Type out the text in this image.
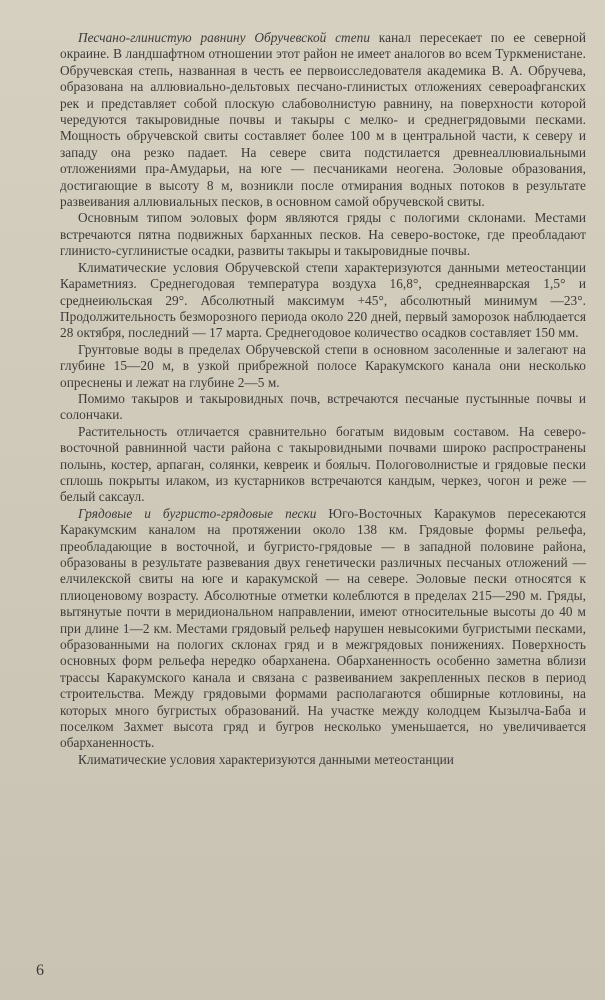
Песчано-глинистую равнину Обручевской степи канал пересекает по ее северной окраине. В ландшафтном отношении этот район не имеет аналогов во всем Туркменистане. Обручевская степь, названная в честь ее первоисследователя академика В. А. Обручева, образована на аллювиально-дельтовых песчано-глинистых отложениях североафганских рек и представляет собой плоскую слабоволнистую равнину, на поверхности которой чередуются такыровидные почвы и такыры с мелко- и среднегрядовыми песками. Мощность обручевской свиты составляет более 100 м в центральной части, к северу и западу она резко падает. На севере свита подстилается древнеаллювиальными отложениями пра-Амударьи, на юге — песчаниками неогена. Эоловые образования, достигающие в высоту 8 м, возникли после отмирания водных потоков в результате развеивания аллювиальных песков, в основном самой обручевской свиты.

Основным типом эоловых форм являются гряды с пологими склонами. Местами встречаются пятна подвижных барханных песков. На северо-востоке, где преобладают глинисто-суглинистые осадки, развиты такыры и такыровидные почвы.

Климатические условия Обручевской степи характеризуются данными метеостанции Караметнияз. Среднегодовая температура воздуха 16,8°, среднеянварская 1,5° и среднеиюльская 29°. Абсолютный максимум +45°, абсолютный минимум —23°. Продолжительность безморозного периода около 220 дней, первый заморозок наблюдается 28 октября, последний — 17 марта. Среднегодовое количество осадков составляет 150 мм.

Грунтовые воды в пределах Обручевской степи в основном засоленные и залегают на глубине 15—20 м, в узкой прибрежной полосе Каракумского канала они несколько опреснены и лежат на глубине 2—5 м.

Помимо такыров и такыровидных почв, встречаются песчаные пустынные почвы и солончаки.

Растительность отличается сравнительно богатым видовым составом. На северо-восточной равнинной части района с такыровидными почвами широко распространены полынь, костер, арпаган, солянки, кевреик и боялыч. Пологоволнистые и грядовые пески сплошь покрыты илаком, из кустарников встречаются кандым, черкез, чогон и реже — белый саксаул.

Грядовые и бугристо-грядовые пески Юго-Восточных Каракумов пересекаются Каракумским каналом на протяжении около 138 км. Грядовые формы рельефа, преобладающие в восточной, и бугристо-грядовые — в западной половине района, образованы в результате развевания двух генетически различных песчаных отложений — елчилекской свиты на юге и каракумской — на севере. Эоловые пески относятся к плиоценовому возрасту. Абсолютные отметки колеблются в пределах 215—290 м. Гряды, вытянутые почти в меридиональном направлении, имеют относительные высоты до 40 м при длине 1—2 км. Местами грядовый рельеф нарушен невысокими бугристыми песками, образованными на пологих склонах гряд и в межгрядовых понижениях. Поверхность основных форм рельефа нередко обарханена. Обарханенность особенно заметна вблизи трассы Каракумского канала и связана с развеиванием закрепленных песков в период строительства. Между грядовыми формами располагаются обширные котловины, на которых много бугристых образований. На участке между колодцем Кызылча-Баба и поселком Захмет высота гряд и бугров несколько уменьшается, но увеличивается обарханенность.

Климатические условия характеризуются данными метеостанции

6
